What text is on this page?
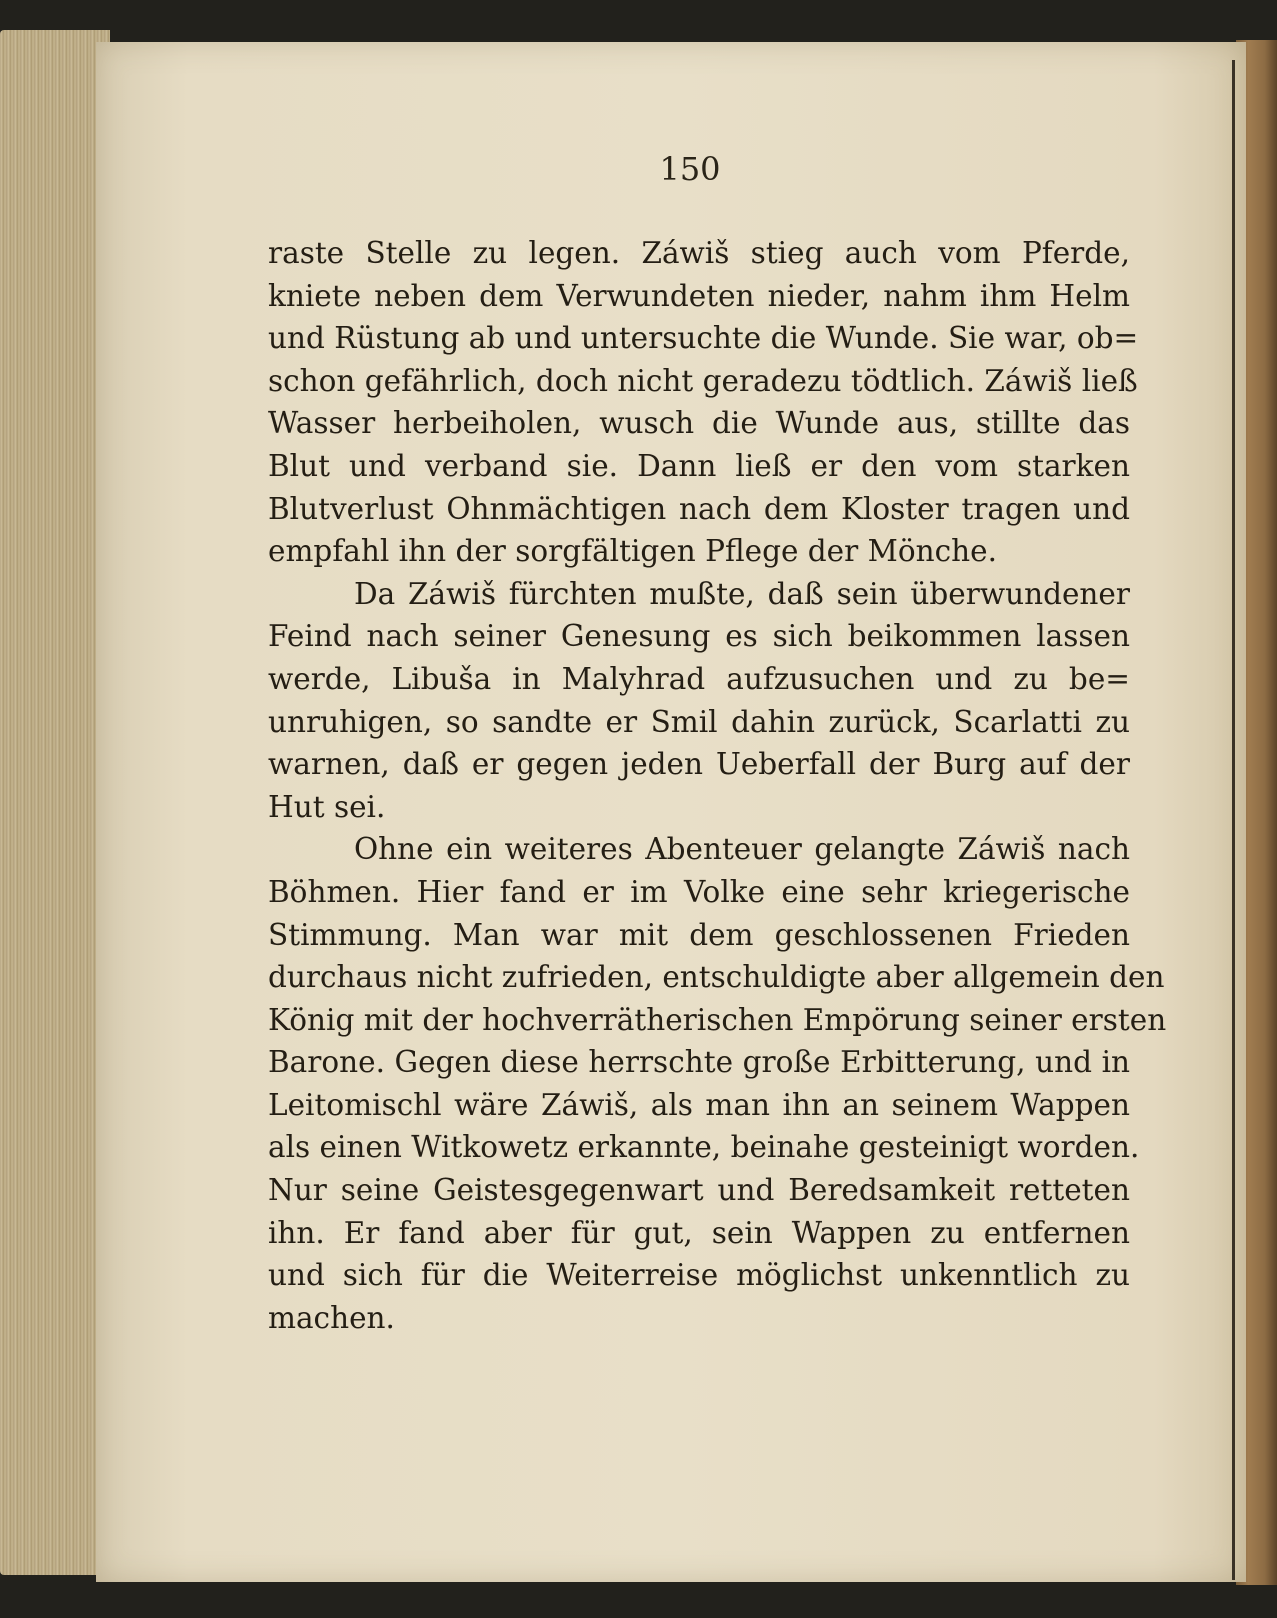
150
raste Stelle zu legen. Záwiš stieg auch vom Pferde,
kniete neben dem Verwundeten nieder, nahm ihm Helm
und Rüstung ab und untersuchte die Wunde. Sie war, ob=
schon gefährlich, doch nicht geradezu tödtlich. Záwiš ließ
Wasser herbeiholen, wusch die Wunde aus, stillte das
Blut und verband sie. Dann ließ er den vom starken
Blutverlust Ohnmächtigen nach dem Kloster tragen und
empfahl ihn der sorgfältigen Pflege der Mönche.
Da Záwiš fürchten mußte, daß sein überwundener
Feind nach seiner Genesung es sich beikommen lassen
werde, Libuša in Malyhrad aufzusuchen und zu be=
unruhigen, so sandte er Smil dahin zurück, Scarlatti zu
warnen, daß er gegen jeden Ueberfall der Burg auf der
Hut sei.
Ohne ein weiteres Abenteuer gelangte Záwiš nach
Böhmen. Hier fand er im Volke eine sehr kriegerische
Stimmung. Man war mit dem geschlossenen Frieden
durchaus nicht zufrieden, entschuldigte aber allgemein den
König mit der hochverrätherischen Empörung seiner ersten
Barone. Gegen diese herrschte große Erbitterung, und in
Leitomischl wäre Záwiš, als man ihn an seinem Wappen
als einen Witkowetz erkannte, beinahe gesteinigt worden.
Nur seine Geistesgegenwart und Beredsamkeit retteten
ihn. Er fand aber für gut, sein Wappen zu entfernen
und sich für die Weiterreise möglichst unkenntlich zu
machen.
